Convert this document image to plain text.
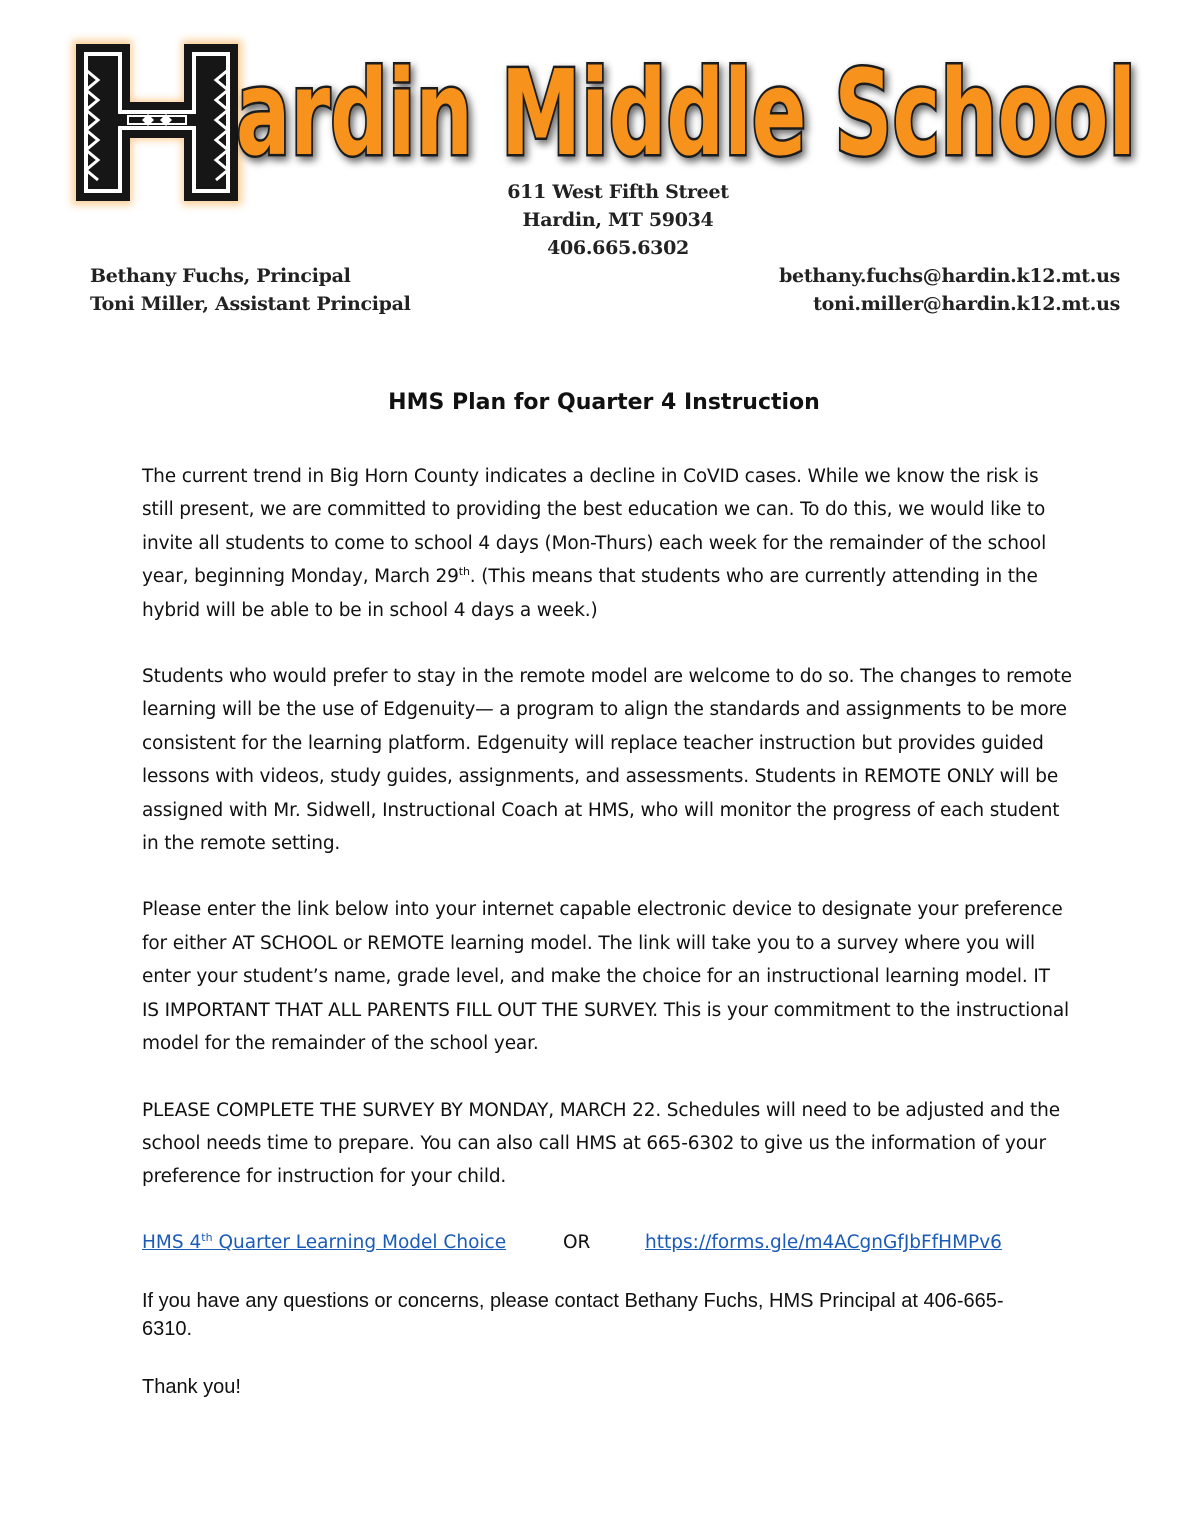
ardin Middle School
611 West Fifth Street
Hardin, MT 59034
406.665.6302
Bethany Fuchs, Principal
Toni Miller, Assistant Principal
bethany.fuchs@hardin.k12.mt.us
toni.miller@hardin.k12.mt.us
HMS Plan for Quarter 4 Instruction

The current trend in Big Horn County indicates a decline in CoVID cases. While we know the risk is still present, we are committed to providing the best education we can. To do this, we would like to invite all students to come to school 4 days (Mon-Thurs) each week for the remainder of the school year, beginning Monday, March 29th. (This means that students who are currently attending in the hybrid will be able to be in school 4 days a week.)

Students who would prefer to stay in the remote model are welcome to do so. The changes to remote learning will be the use of Edgenuity— a program to align the standards and assignments to be more consistent for the learning platform. Edgenuity will replace teacher instruction but provides guided lessons with videos, study guides, assignments, and assessments. Students in REMOTE ONLY will be assigned with Mr. Sidwell, Instructional Coach at HMS, who will monitor the progress of each student in the remote setting.

Please enter the link below into your internet capable electronic device to designate your preference for either AT SCHOOL or REMOTE learning model. The link will take you to a survey where you will enter your student’s name, grade level, and make the choice for an instructional learning model. IT IS IMPORTANT THAT ALL PARENTS FILL OUT THE SURVEY. This is your commitment to the instructional model for the remainder of the school year.

PLEASE COMPLETE THE SURVEY BY MONDAY, MARCH 22. Schedules will need to be adjusted and the school needs time to prepare. You can also call HMS at 665-6302 to give us the information of your preference for instruction for your child.

HMS 4th Quarter Learning Model Choice	OR	https://forms.gle/m4ACgnGfJbFfHMPv6
If you have any questions or concerns, please contact Bethany Fuchs, HMS Principal at 406-665-6310.
Thank you!
